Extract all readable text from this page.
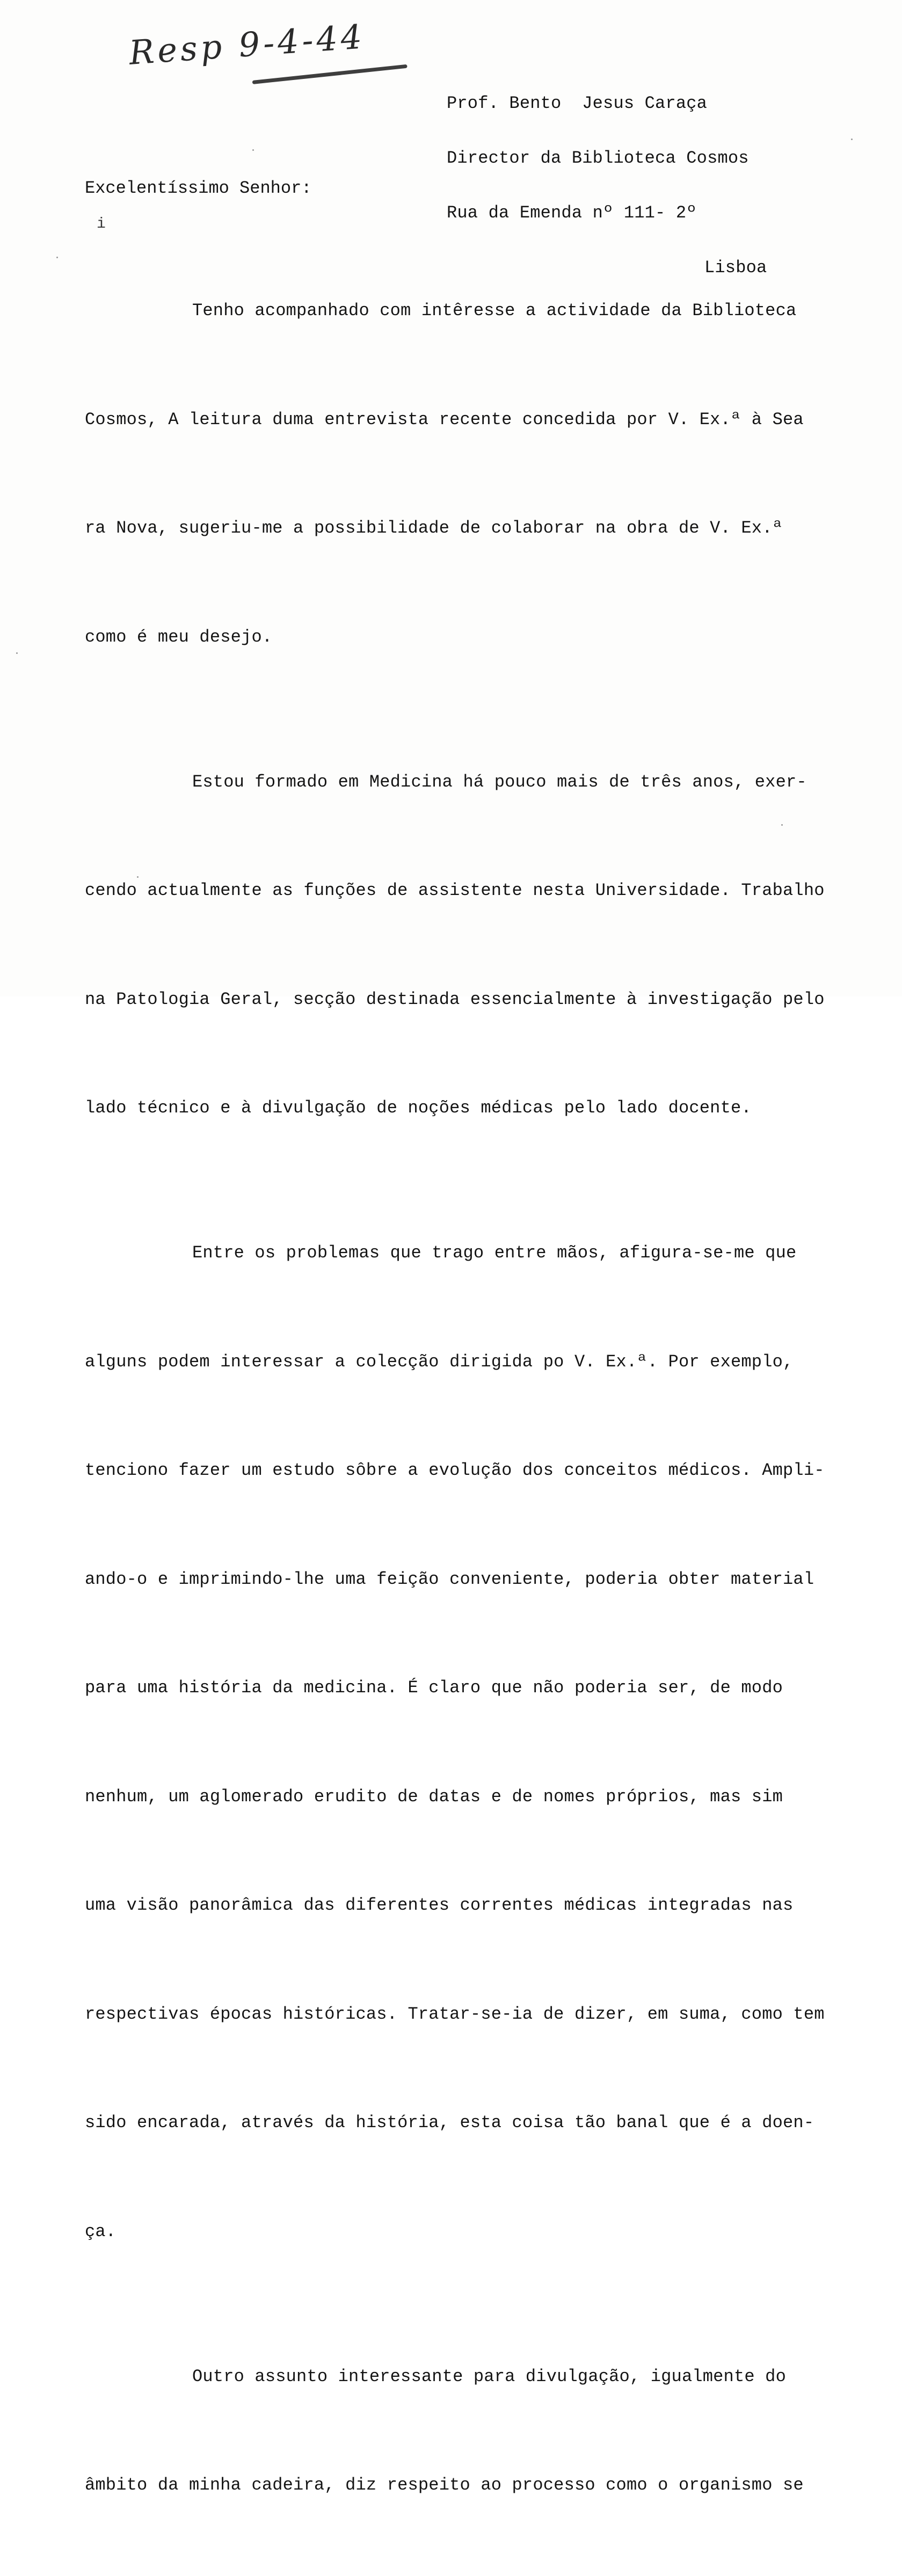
Resp 9-4-44

Prof. Bento  Jesus Caraça

Director da Biblioteca Cosmos

Rua da Emenda nº 111- 2º

Lisboa

Excelentíssimo Senhor:
i

Tenho acompanhado com intêresse a actividade da Biblioteca

Cosmos, A leitura duma entrevista recente concedida por V. Ex.ª à Sea

ra Nova, sugeriu-me a possibilidade de colaborar na obra de V. Ex.ª

como é meu desejo.

Estou formado em Medicina há pouco mais de três anos, exer-

cendo actualmente as funções de assistente nesta Universidade. Trabalho

na Patologia Geral, secção destinada essencialmente à investigação pelo

lado técnico e à divulgação de noções médicas pelo lado docente.

Entre os problemas que trago entre mãos, afigura-se-me que

alguns podem interessar a colecção dirigida po V. Ex.ª. Por exemplo,

tenciono fazer um estudo sôbre a evolução dos conceitos médicos. Ampli-

ando-o e imprimindo-lhe uma feição conveniente, poderia obter material

para uma história da medicina. É claro que não poderia ser, de modo

nenhum, um aglomerado erudito de datas e de nomes próprios, mas sim

uma visão panorâmica das diferentes correntes médicas integradas nas

respectivas épocas históricas. Tratar-se-ia de dizer, em suma, como tem

sido encarada, através da história, esta coisa tão banal que é a doen-

ça.

Outro assunto interessante para divulgação, igualmente do

âmbito da minha cadeira, diz respeito ao processo como o organismo se
